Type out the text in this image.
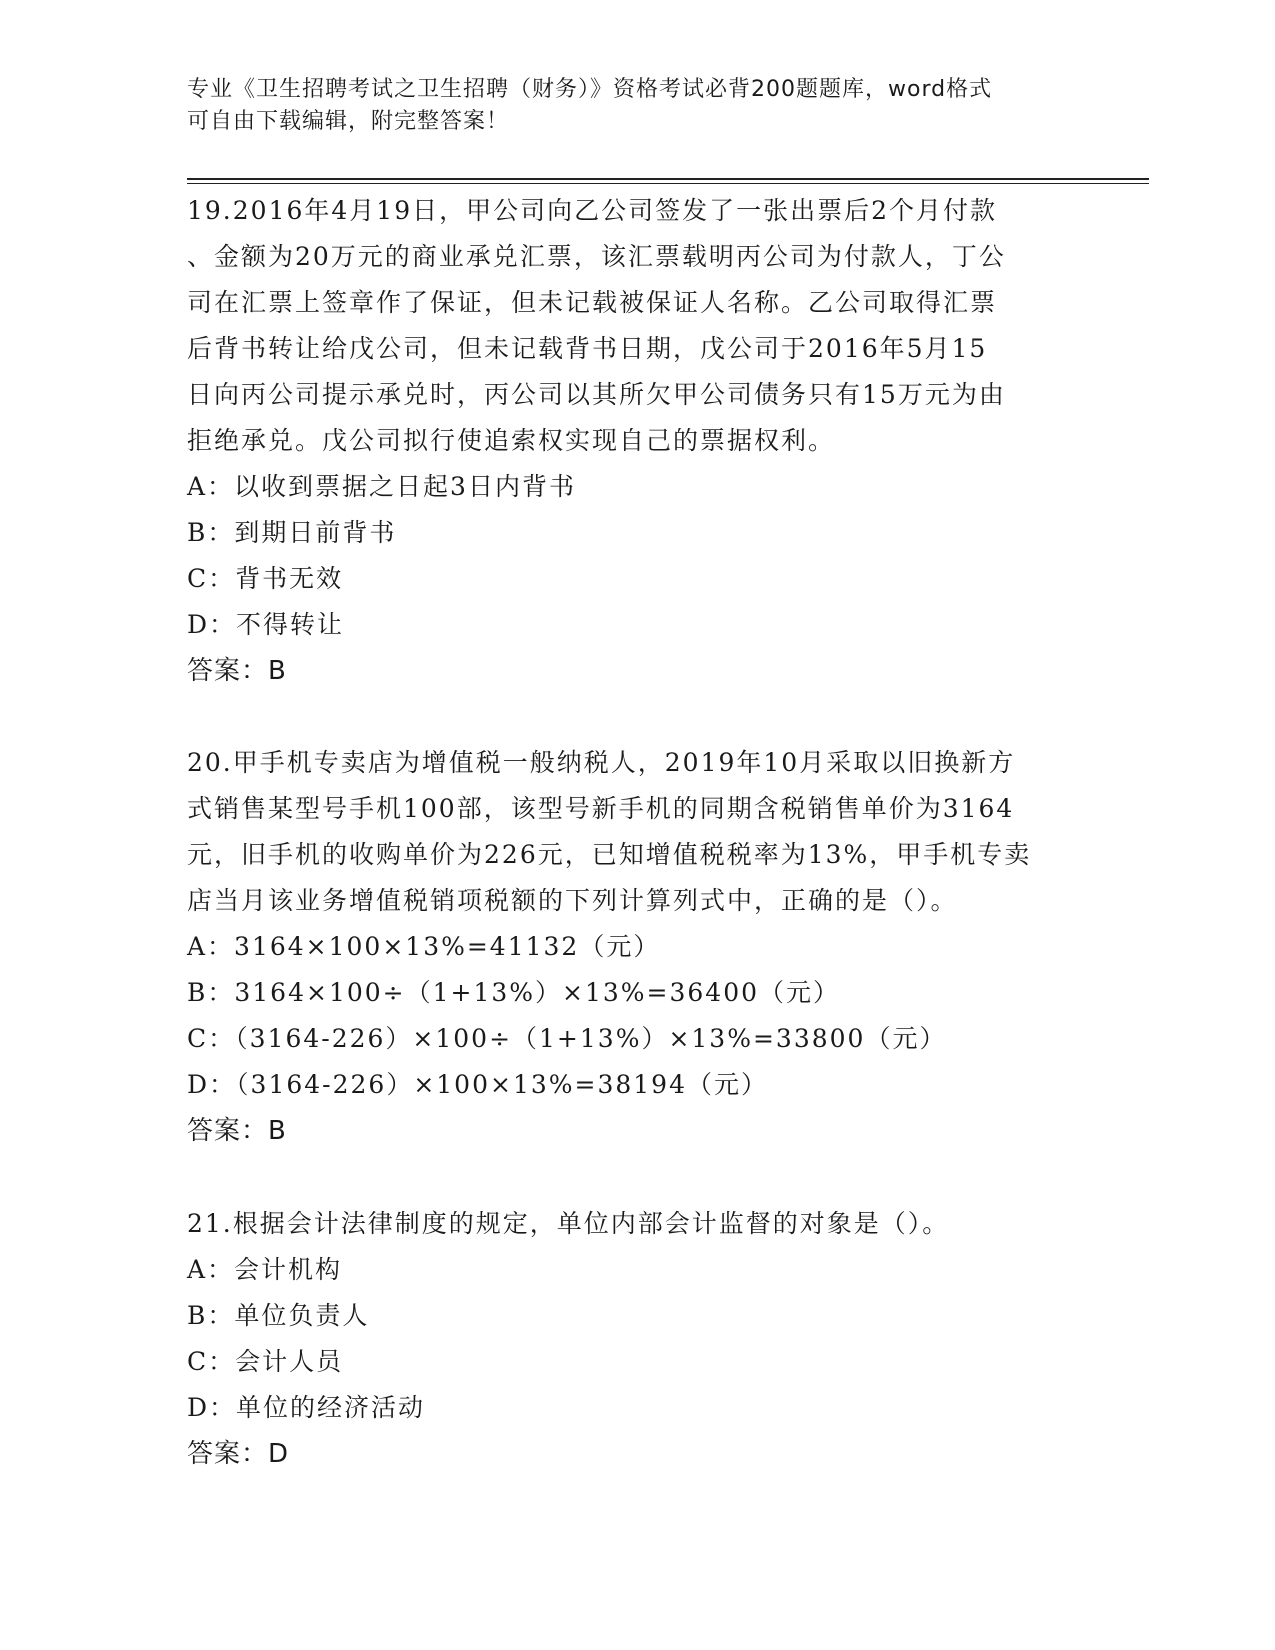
专业《卫生招聘考试之卫生招聘（财务）》资格考试必背200题题库，word格式
可自由下载编辑，附完整答案！
19.2016年4月19日，甲公司向乙公司签发了一张出票后2个月付款
、金额为20万元的商业承兑汇票，该汇票载明丙公司为付款人，丁公
司在汇票上签章作了保证，但未记载被保证人名称。乙公司取得汇票
后背书转让给戊公司，但未记载背书日期，戊公司于2016年5月15
日向丙公司提示承兑时，丙公司以其所欠甲公司债务只有15万元为由
拒绝承兑。戊公司拟行使追索权实现自己的票据权利。
A：以收到票据之日起3日内背书
B：到期日前背书
C：背书无效
D：不得转让
答案：B
20.甲手机专卖店为增值税一般纳税人，2019年10月采取以旧换新方
式销售某型号手机100部，该型号新手机的同期含税销售单价为3164
元，旧手机的收购单价为226元，已知增值税税率为13%，甲手机专卖
店当月该业务增值税销项税额的下列计算列式中，正确的是（）。
A：3164×100×13%=41132（元）
B：3164×100÷（1+13%）×13%=36400（元）
C：（3164-226）×100÷（1+13%）×13%=33800（元）
D：（3164-226）×100×13%=38194（元）
答案：B
21.根据会计法律制度的规定，单位内部会计监督的对象是（）。
A：会计机构
B：单位负责人
C：会计人员
D：单位的经济活动
答案：D
